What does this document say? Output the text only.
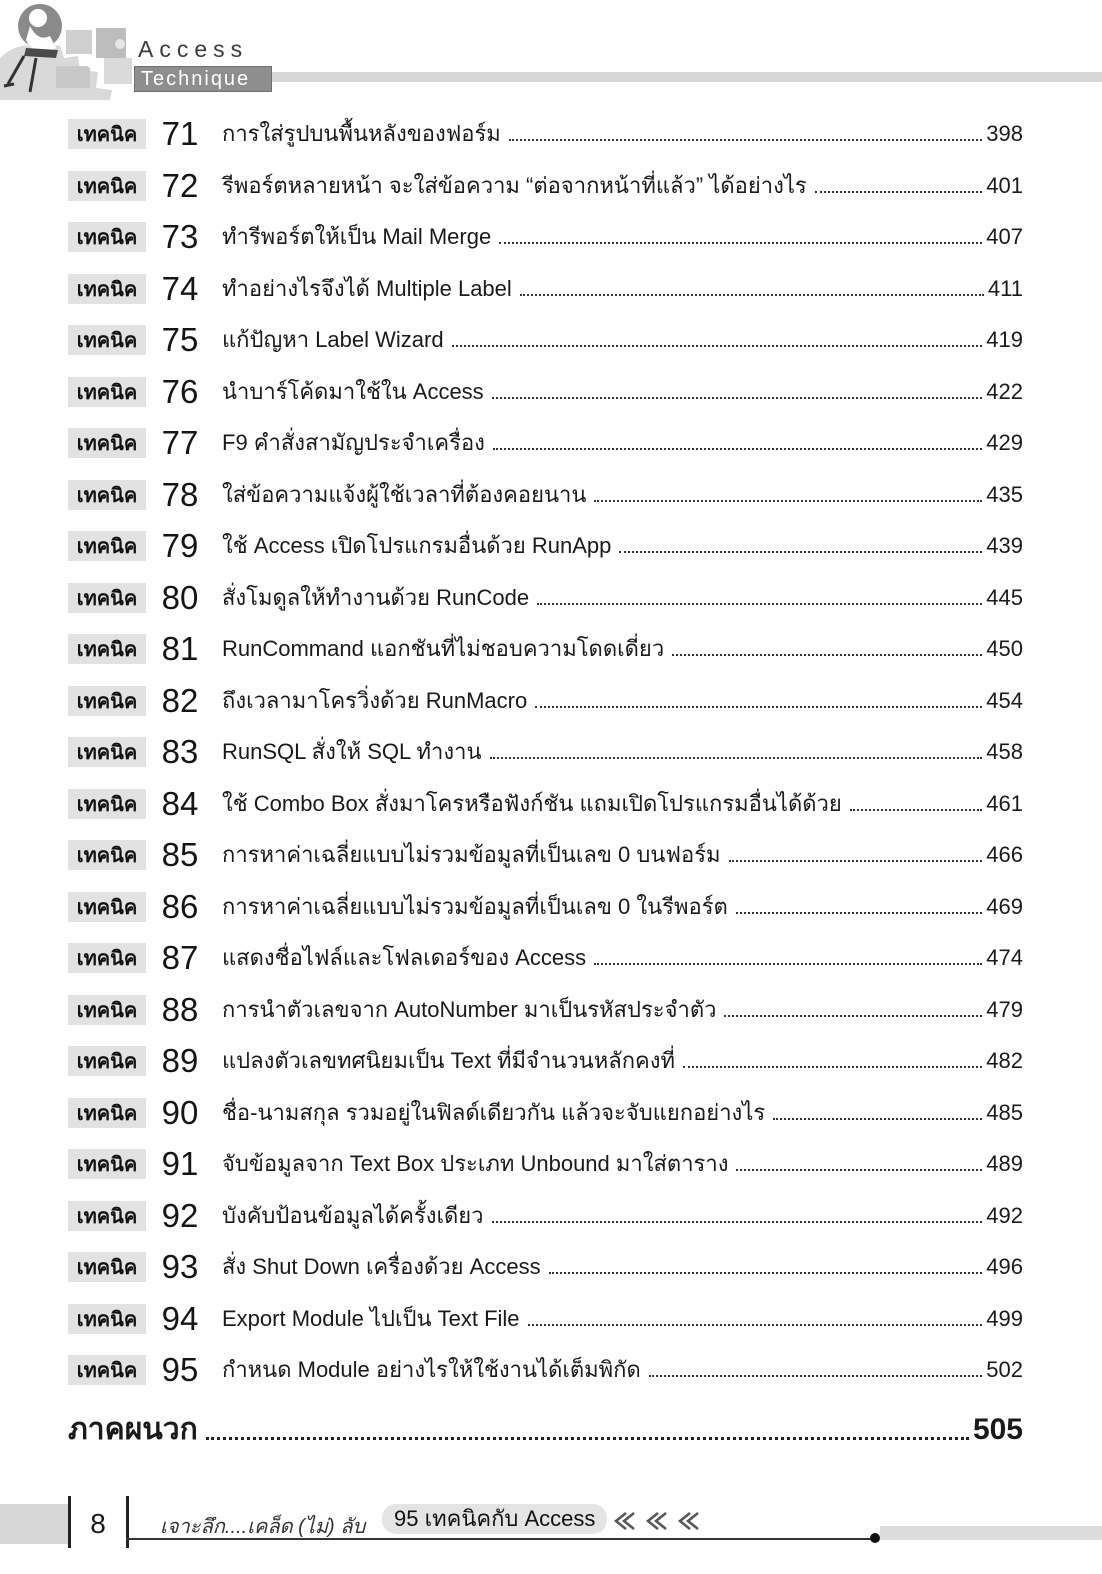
Access
Technique
เทคนิค 71	การใส่รูปบนพื้นหลังของฟอร์ม	398
เทคนิค 72	รีพอร์ตหลายหน้า จะใส่ข้อความ “ต่อจากหน้าที่แล้ว” ได้อย่างไร	401
เทคนิค 73	ทำรีพอร์ตให้เป็น Mail Merge	407
เทคนิค 74	ทำอย่างไรจึงได้ Multiple Label	411
เทคนิค 75	แก้ปัญหา Label Wizard	419
เทคนิค 76	นำบาร์โค้ดมาใช้ใน Access	422
เทคนิค 77	F9 คำสั่งสามัญประจำเครื่อง	429
เทคนิค 78	ใส่ข้อความแจ้งผู้ใช้เวลาที่ต้องคอยนาน	435
เทคนิค 79	ใช้ Access เปิดโปรแกรมอื่นด้วย RunApp	439
เทคนิค 80	สั่งโมดูลให้ทำงานด้วย RunCode	445
เทคนิค 81	RunCommand แอกชันที่ไม่ชอบความโดดเดี่ยว	450
เทคนิค 82	ถึงเวลามาโครวิ่งด้วย RunMacro	454
เทคนิค 83	RunSQL สั่งให้ SQL ทำงาน	458
เทคนิค 84	ใช้ Combo Box สั่งมาโครหรือฟังก์ชัน แถมเปิดโปรแกรมอื่นได้ด้วย	461
เทคนิค 85	การหาค่าเฉลี่ยแบบไม่รวมข้อมูลที่เป็นเลข 0 บนฟอร์ม	466
เทคนิค 86	การหาค่าเฉลี่ยแบบไม่รวมข้อมูลที่เป็นเลข 0 ในรีพอร์ต	469
เทคนิค 87	แสดงชื่อไฟล์และโฟลเดอร์ของ Access	474
เทคนิค 88	การนำตัวเลขจาก AutoNumber มาเป็นรหัสประจำตัว	479
เทคนิค 89	แปลงตัวเลขทศนิยมเป็น Text ที่มีจำนวนหลักคงที่	482
เทคนิค 90	ชื่อ-นามสกุล รวมอยู่ในฟิลด์เดียวกัน แล้วจะจับแยกอย่างไร	485
เทคนิค 91	จับข้อมูลจาก Text Box ประเภท Unbound มาใส่ตาราง	489
เทคนิค 92	บังคับป้อนข้อมูลได้ครั้งเดียว	492
เทคนิค 93	สั่ง Shut Down เครื่องด้วย Access	496
เทคนิค 94	Export Module ไปเป็น Text File	499
เทคนิค 95	กำหนด Module อย่างไรให้ใช้งานได้เต็มพิกัด	502
ภาคผนวก	505
8	เจาะลึก....เคล็ด (ไม่) ลับ	95 เทคนิคกับ Access
